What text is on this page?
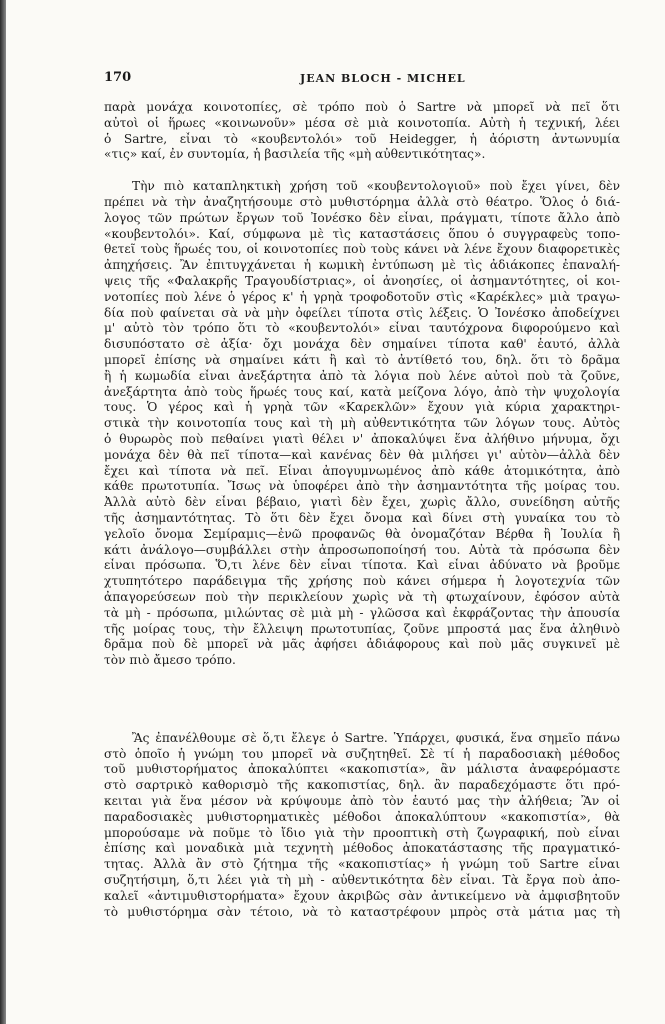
170	JEAN BLOCH - MICHEL
παρὰ μονάχα κοινοτοπίες, σὲ τρόπο ποὺ ὁ Sartre νὰ μπορεῖ νὰ πεῖ ὅτι
αὐτοὶ οἱ ἥρωες «κοινωνοῦν» μέσα σὲ μιὰ κοινοτοπία. Αὐτὴ ἡ τεχνική, λέει
ὁ Sartre, εἶναι τὸ «κουβεντολόι» τοῦ Heidegger, ἡ ἀόριστη ἀντωνυμία
«τις» καί, ἐν συντομία, ἡ βασιλεία τῆς «μὴ αὐθεντικότητας».
Τὴν πιὸ καταπληκτικὴ χρήση τοῦ «κουβεντολογιοῦ» ποὺ ἔχει γίνει, δὲν
πρέπει νὰ τὴν ἀναζητήσουμε στὸ μυθιστόρημα ἀλλὰ στὸ θέατρο. Ὅλος ὁ διά-
λογος τῶν πρώτων ἔργων τοῦ Ἰονέσκο δὲν εἶναι, πράγματι, τίποτε ἄλλο ἀπὸ
«κουβεντολόι». Καί, σύμφωνα μὲ τὶς καταστάσεις ὅπου ὁ συγγραφεὺς τοπο-
θετεῖ τοὺς ἥρωές του, οἱ κοινοτοπίες ποὺ τοὺς κάνει νὰ λένε ἔχουν διαφορετικὲς
ἀπηχήσεις. Ἂν ἐπιτυγχάνεται ἡ κωμικὴ ἐντύπωση μὲ τὶς ἀδιάκοπες ἐπαναλή-
ψεις τῆς «Φαλακρῆς Τραγουδίστριας», οἱ ἀνοησίες, οἱ ἀσημαντότητες, οἱ κοι-
νοτοπίες ποὺ λένε ὁ γέρος κ' ἡ γρηὰ τροφοδοτοῦν στὶς «Καρέκλες» μιὰ τραγω-
δία ποὺ φαίνεται σὰ νὰ μὴν ὀφείλει τίποτα στὶς λέξεις. Ὁ Ἰονέσκο ἀποδείχνει
μ' αὐτὸ τὸν τρόπο ὅτι τὸ «κουβεντολόι» εἶναι ταυτόχρονα διφορούμενο καὶ
δισυπόστατο σὲ ἀξία· ὄχι μονάχα δὲν σημαίνει τίποτα καθ' ἑαυτό, ἀλλὰ
μπορεῖ ἐπίσης νὰ σημαίνει κάτι ἢ καὶ τὸ ἀντίθετό του, δηλ. ὅτι τὸ δρᾶμα
ἢ ἡ κωμωδία εἶναι ἀνεξάρτητα ἀπὸ τὰ λόγια ποὺ λένε αὐτοὶ ποὺ τὰ ζοῦνε,
ἀνεξάρτητα ἀπὸ τοὺς ἥρωές τους καί, κατὰ μείζονα λόγο, ἀπὸ τὴν ψυχολογία
τους. Ὁ γέρος καὶ ἡ γρηὰ τῶν «Καρεκλῶν» ἔχουν γιὰ κύρια χαρακτηρι-
στικὰ τὴν κοινοτοπία τους καὶ τὴ μὴ αὐθεντικότητα τῶν λόγων τους. Αὐτὸς
ὁ θυρωρὸς ποὺ πεθαίνει γιατὶ θέλει ν' ἀποκαλύψει ἕνα ἀλήθινο μήνυμα, ὄχι
μονάχα δὲν θὰ πεῖ τίποτα—καὶ κανένας δὲν θὰ μιλήσει γι' αὐτὸν—ἀλλὰ δὲν
ἔχει καὶ τίποτα νὰ πεῖ. Εἶναι ἀπογυμνωμένος ἀπὸ κάθε ἀτομικότητα, ἀπὸ
κάθε πρωτοτυπία. Ἴσως νὰ ὑποφέρει ἀπὸ τὴν ἀσημαντότητα τῆς μοίρας του.
Ἀλλὰ αὐτὸ δὲν εἶναι βέβαιο, γιατὶ δὲν ἔχει, χωρὶς ἄλλο, συνείδηση αὐτῆς
τῆς ἀσημαντότητας. Τὸ ὅτι δὲν ἔχει ὄνομα καὶ δίνει στὴ γυναίκα του τὸ
γελοῖο ὄνομα Σεμίραμις—ἐνῶ προφανῶς θὰ ὀνομαζόταν Βέρθα ἢ Ἰουλία ἢ
κάτι ἀνάλογο—συμβάλλει στὴν ἀπροσωποποίησή του. Αὐτὰ τὰ πρόσωπα δὲν
εἶναι πρόσωπα. Ὅ,τι λένε δὲν εἶναι τίποτα. Καὶ εἶναι ἀδύνατο νὰ βροῦμε
χτυπητότερο παράδειγμα τῆς χρήσης ποὺ κάνει σήμερα ἡ λογοτεχνία τῶν
ἀπαγορεύσεων ποὺ τὴν περικλείουν χωρὶς νὰ τὴ φτωχαίνουν, ἐφόσον αὐτὰ
τὰ μὴ - πρόσωπα, μιλώντας σὲ μιὰ μὴ - γλῶσσα καὶ ἐκφράζοντας τὴν ἀπουσία
τῆς μοίρας τους, τὴν ἔλλειψη πρωτοτυπίας, ζοῦνε μπροστά μας ἕνα ἀληθινὸ
δρᾶμα ποὺ δὲ μπορεῖ νὰ μᾶς ἀφήσει ἀδιάφορους καὶ ποὺ μᾶς συγκινεῖ μὲ
τὸν πιὸ ἄμεσο τρόπο.
Ἂς ἐπανέλθουμε σὲ ὅ,τι ἔλεγε ὁ Sartre. Ὑπάρχει, φυσικά, ἕνα σημεῖο πάνω
στὸ ὁποῖο ἡ γνώμη του μπορεῖ νὰ συζητηθεῖ. Σὲ τί ἡ παραδοσιακὴ μέθοδος
τοῦ μυθιστορήματος ἀποκαλύπτει «κακοπιστία», ἂν μάλιστα ἀναφερόμαστε
στὸ σαρτρικὸ καθορισμὸ τῆς κακοπιστίας, δηλ. ἂν παραδεχόμαστε ὅτι πρό-
κειται γιὰ ἕνα μέσον νὰ κρύψουμε ἀπὸ τὸν ἑαυτό μας τὴν ἀλήθεια; Ἂν οἱ
παραδοσιακὲς μυθιστορηματικὲς μέθοδοι ἀποκαλύπτουν «κακοπιστία», θὰ
μπορούσαμε νὰ ποῦμε τὸ ἴδιο γιὰ τὴν προοπτικὴ στὴ ζωγραφική, ποὺ εἶναι
ἐπίσης καὶ μοναδικὰ μιὰ τεχνητὴ μέθοδος ἀποκατάστασης τῆς πραγματικό-
τητας. Ἀλλὰ ἂν στὸ ζήτημα τῆς «κακοπιστίας» ἡ γνώμη τοῦ Sartre εἶναι
συζητήσιμη, ὅ,τι λέει γιὰ τὴ μὴ - αὐθεντικότητα δὲν εἶναι. Τὰ ἔργα ποὺ ἀπο-
καλεῖ «ἀντιμυθιστορήματα» ἔχουν ἀκριβῶς σὰν ἀντικείμενο νὰ ἀμφισβητοῦν
τὸ μυθιστόρημα σὰν τέτοιο, νὰ τὸ καταστρέφουν μπρὸς στὰ μάτια μας τὴ
